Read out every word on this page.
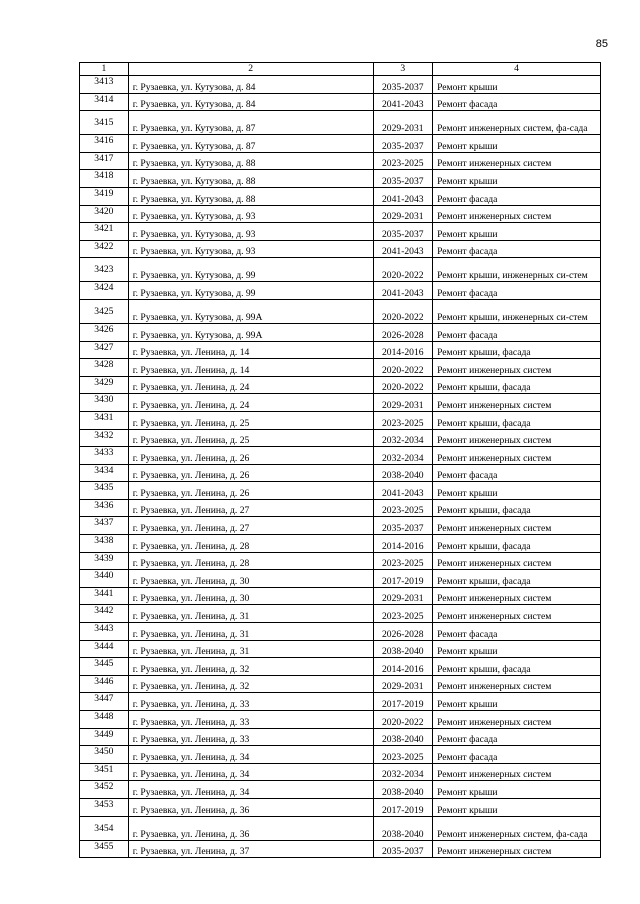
85
1	2	3	4
3413	г. Рузаевка, ул. Кутузова, д. 84	2035-2037	Ремонт крыши
3414	г. Рузаевка, ул. Кутузова, д. 84	2041-2043	Ремонт фасада
3415	г. Рузаевка, ул. Кутузова, д. 87	2029-2031	Ремонт инженерных систем, фа-сада
3416	г. Рузаевка, ул. Кутузова, д. 87	2035-2037	Ремонт крыши
3417	г. Рузаевка, ул. Кутузова, д. 88	2023-2025	Ремонт инженерных систем
3418	г. Рузаевка, ул. Кутузова, д. 88	2035-2037	Ремонт крыши
3419	г. Рузаевка, ул. Кутузова, д. 88	2041-2043	Ремонт фасада
3420	г. Рузаевка, ул. Кутузова, д. 93	2029-2031	Ремонт инженерных систем
3421	г. Рузаевка, ул. Кутузова, д. 93	2035-2037	Ремонт крыши
3422	г. Рузаевка, ул. Кутузова, д. 93	2041-2043	Ремонт фасада
3423	г. Рузаевка, ул. Кутузова, д. 99	2020-2022	Ремонт крыши, инженерных си-стем
3424	г. Рузаевка, ул. Кутузова, д. 99	2041-2043	Ремонт фасада
3425	г. Рузаевка, ул. Кутузова, д. 99А	2020-2022	Ремонт крыши, инженерных си-стем
3426	г. Рузаевка, ул. Кутузова, д. 99А	2026-2028	Ремонт фасада
3427	г. Рузаевка, ул. Ленина, д. 14	2014-2016	Ремонт крыши, фасада
3428	г. Рузаевка, ул. Ленина, д. 14	2020-2022	Ремонт инженерных систем
3429	г. Рузаевка, ул. Ленина, д. 24	2020-2022	Ремонт крыши, фасада
3430	г. Рузаевка, ул. Ленина, д. 24	2029-2031	Ремонт инженерных систем
3431	г. Рузаевка, ул. Ленина, д. 25	2023-2025	Ремонт крыши, фасада
3432	г. Рузаевка, ул. Ленина, д. 25	2032-2034	Ремонт инженерных систем
3433	г. Рузаевка, ул. Ленина, д. 26	2032-2034	Ремонт инженерных систем
3434	г. Рузаевка, ул. Ленина, д. 26	2038-2040	Ремонт фасада
3435	г. Рузаевка, ул. Ленина, д. 26	2041-2043	Ремонт крыши
3436	г. Рузаевка, ул. Ленина, д. 27	2023-2025	Ремонт крыши, фасада
3437	г. Рузаевка, ул. Ленина, д. 27	2035-2037	Ремонт инженерных систем
3438	г. Рузаевка, ул. Ленина, д. 28	2014-2016	Ремонт крыши, фасада
3439	г. Рузаевка, ул. Ленина, д. 28	2023-2025	Ремонт инженерных систем
3440	г. Рузаевка, ул. Ленина, д. 30	2017-2019	Ремонт крыши, фасада
3441	г. Рузаевка, ул. Ленина, д. 30	2029-2031	Ремонт инженерных систем
3442	г. Рузаевка, ул. Ленина, д. 31	2023-2025	Ремонт инженерных систем
3443	г. Рузаевка, ул. Ленина, д. 31	2026-2028	Ремонт фасада
3444	г. Рузаевка, ул. Ленина, д. 31	2038-2040	Ремонт крыши
3445	г. Рузаевка, ул. Ленина, д. 32	2014-2016	Ремонт крыши, фасада
3446	г. Рузаевка, ул. Ленина, д. 32	2029-2031	Ремонт инженерных систем
3447	г. Рузаевка, ул. Ленина, д. 33	2017-2019	Ремонт крыши
3448	г. Рузаевка, ул. Ленина, д. 33	2020-2022	Ремонт инженерных систем
3449	г. Рузаевка, ул. Ленина, д. 33	2038-2040	Ремонт фасада
3450	г. Рузаевка, ул. Ленина, д. 34	2023-2025	Ремонт фасада
3451	г. Рузаевка, ул. Ленина, д. 34	2032-2034	Ремонт инженерных систем
3452	г. Рузаевка, ул. Ленина, д. 34	2038-2040	Ремонт крыши
3453	г. Рузаевка, ул. Ленина, д. 36	2017-2019	Ремонт крыши
3454	г. Рузаевка, ул. Ленина, д. 36	2038-2040	Ремонт инженерных систем, фа-сада
3455	г. Рузаевка, ул. Ленина, д. 37	2035-2037	Ремонт инженерных систем
